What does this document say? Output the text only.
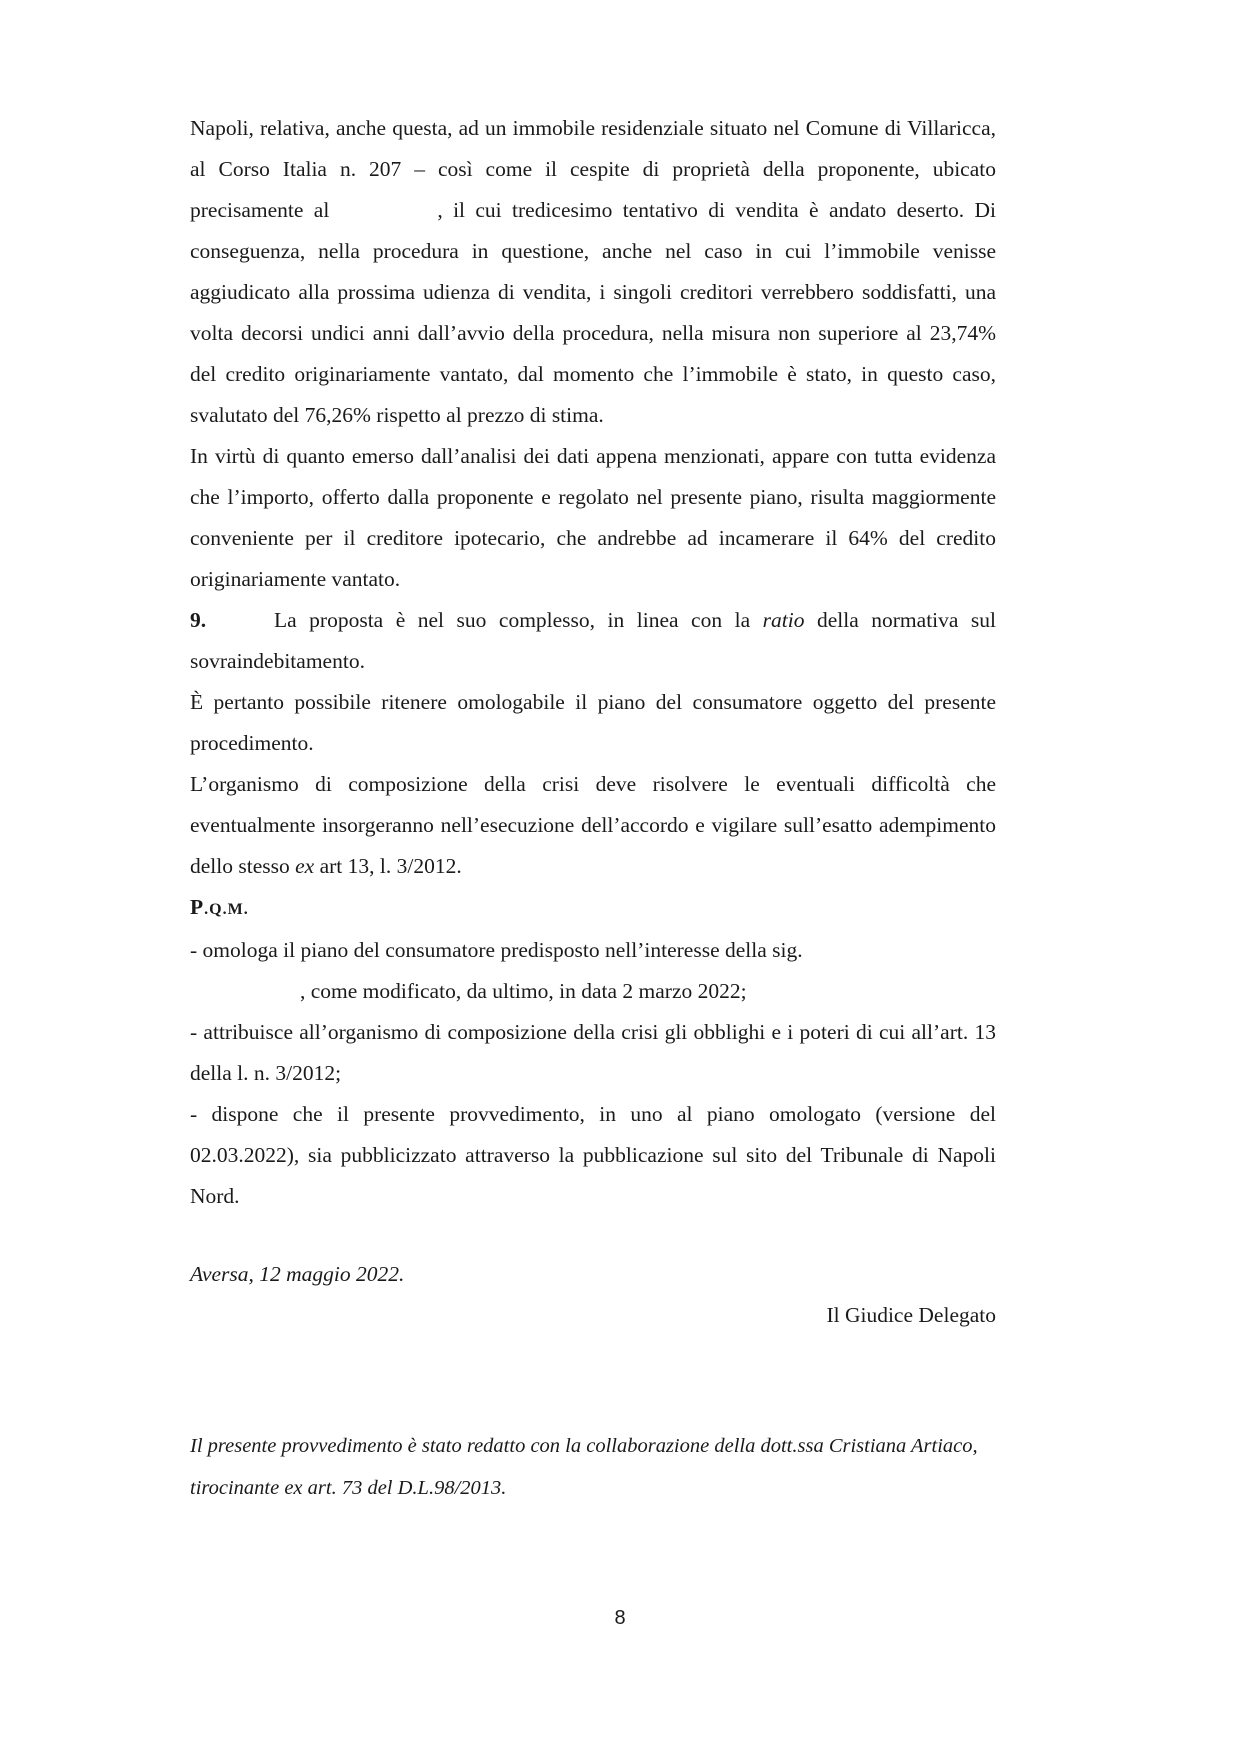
Napoli, relativa, anche questa, ad un immobile residenziale situato nel Comune di Villaricca, al Corso Italia n. 207 – così come il cespite di proprietà della proponente, ubicato precisamente al	, il cui tredicesimo tentativo di vendita è andato deserto. Di conseguenza, nella procedura in questione, anche nel caso in cui l’immobile venisse aggiudicato alla prossima udienza di vendita, i singoli creditori verrebbero soddisfatti, una volta decorsi undici anni dall’avvio della procedura, nella misura non superiore al 23,74% del credito originariamente vantato, dal momento che l’immobile è stato, in questo caso, svalutato del 76,26% rispetto al prezzo di stima.

In virtù di quanto emerso dall’analisi dei dati appena menzionati, appare con tutta evidenza che l’importo, offerto dalla proponente e regolato nel presente piano, risulta maggiormente conveniente per il creditore ipotecario, che andrebbe ad incamerare il 64% del credito originariamente vantato.

9.	La proposta è nel suo complesso, in linea con la ratio della normativa sul sovraindebitamento.

È pertanto possibile ritenere omologabile il piano del consumatore oggetto del presente procedimento.

L’organismo di composizione della crisi deve risolvere le eventuali difficoltà che eventualmente insorgeranno nell’esecuzione dell’accordo e vigilare sull’esatto adempimento dello stesso ex art 13, l. 3/2012.

P.Q.M.

- omologa il piano del consumatore predisposto nell’interesse della sig.
, come modificato, da ultimo, in data 2 marzo 2022;

- attribuisce all’organismo di composizione della crisi gli obblighi e i poteri di cui all’art. 13 della l. n. 3/2012;

- dispone che il presente provvedimento, in uno al piano omologato (versione del 02.03.2022), sia pubblicizzato attraverso la pubblicazione sul sito del Tribunale di Napoli Nord.

Aversa, 12 maggio 2022.
Il Giudice Delegato

Il presente provvedimento è stato redatto con la collaborazione della dott.ssa Cristiana Artiaco,

tirocinante ex art. 73 del D.L.98/2013.

8
